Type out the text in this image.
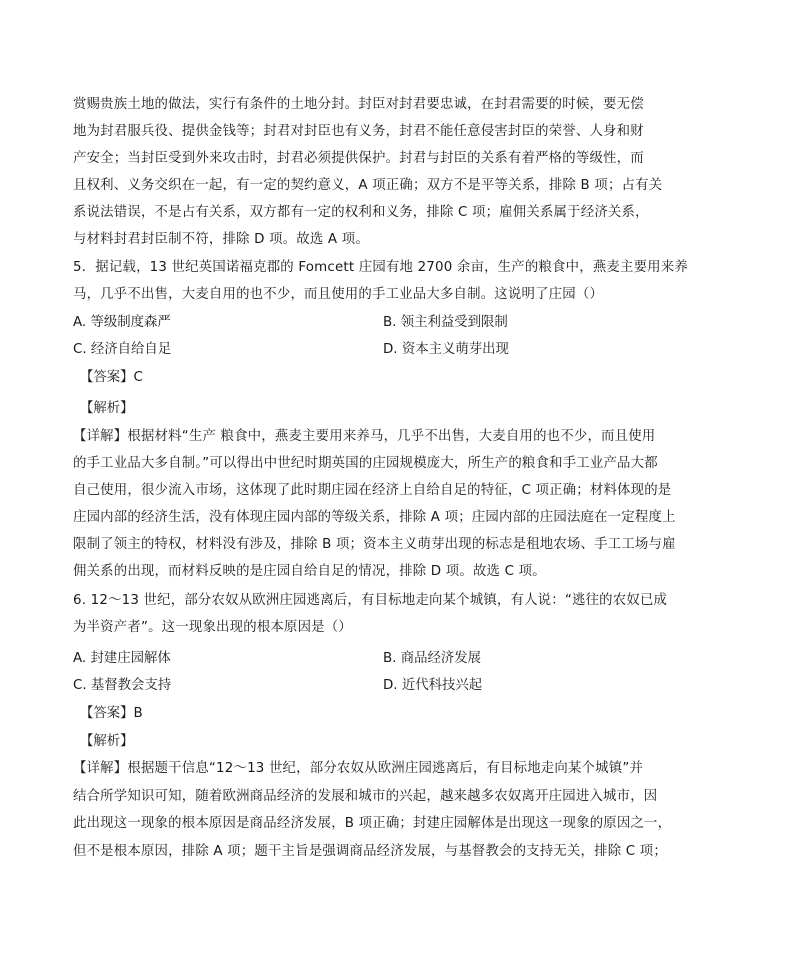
赏赐贵族土地的做法，实行有条件的土地分封。封臣对封君要忠诚，在封君需要的时候，要无偿
地为封君服兵役、提供金钱等；封君对封臣也有义务，封君不能任意侵害封臣的荣誉、人身和财
产安全；当封臣受到外来攻击时，封君必须提供保护。封君与封臣的关系有着严格的等级性，而
且权利、义务交织在一起，有一定的契约意义，A 项正确；双方不是平等关系，排除 B 项；占有关
系说法错误，不是占有关系，双方都有一定的权利和义务，排除 C 项；雇佣关系属于经济关系，
与材料封君封臣制不符，排除 D 项。故选 A 项。
5．据记载，13 世纪英国诺福克郡的 Fomcett 庄园有地 2700 余亩，生产的粮食中，燕麦主要用来养
马，几乎不出售，大麦自用的也不少，而且使用的手工业品大多自制。这说明了庄园（）
A. 等级制度森严	B. 领主利益受到限制
C. 经济自给自足	D. 资本主义萌芽出现
【答案】C
【解析】
【详解】根据材料“生产 粮食中，燕麦主要用来养马，几乎不出售，大麦自用的也不少，而且使用
的手工业品大多自制。”可以得出中世纪时期英国的庄园规模庞大，所生产的粮食和手工业产品大都
自己使用，很少流入市场，这体现了此时期庄园在经济上自给自足的特征，C 项正确；材料体现的是
庄园内部的经济生活，没有体现庄园内部的等级关系，排除 A 项；庄园内部的庄园法庭在一定程度上
限制了领主的特权，材料没有涉及，排除 B 项；资本主义萌芽出现的标志是租地农场、手工工场与雇
佣关系的出现，而材料反映的是庄园自给自足的情况，排除 D 项。故选 C 项。
6. 12～13 世纪，部分农奴从欧洲庄园逃离后，有目标地走向某个城镇，有人说：“逃往的农奴已成
为半资产者”。这一现象出现的根本原因是（）
A. 封建庄园解体	B. 商品经济发展
C. 基督教会支持	D. 近代科技兴起
【答案】B
【解析】
【详解】根据题干信息“12～13 世纪，部分农奴从欧洲庄园逃离后，有目标地走向某个城镇”并
结合所学知识可知，随着欧洲商品经济的发展和城市的兴起，越来越多农奴离开庄园进入城市，因
此出现这一现象的根本原因是商品经济发展，B 项正确；封建庄园解体是出现这一现象的原因之一，
但不是根本原因，排除 A 项；题干主旨是强调商品经济发展，与基督教会的支持无关，排除 C 项；
